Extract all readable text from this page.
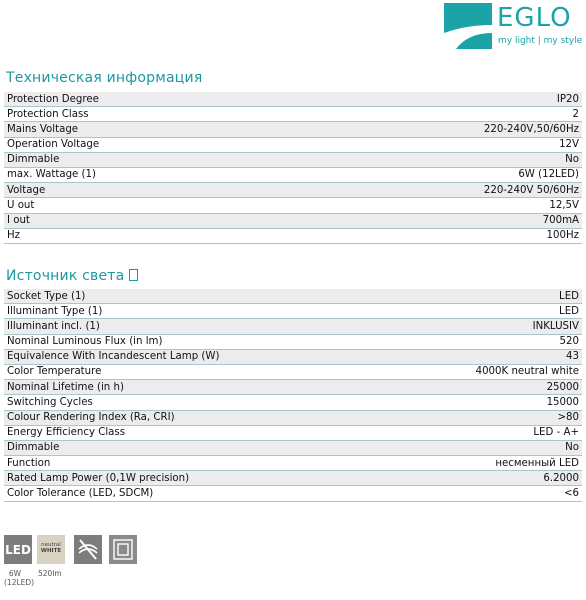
EGLO
my light | my style
Техническая информация
Protection Degree	IP20
Protection Class	2
Mains Voltage	220-240V,50/60Hz
Operation Voltage	12V
Dimmable	No
max. Wattage (1)	6W (12LED)
Voltage	220-240V 50/60Hz
U out	12,5V
I out	700mA
Hz	100Hz
Источник света
Socket Type (1)	LED
Illuminant Type (1)	LED
Illuminant incl. (1)	INKLUSIV
Nominal Luminous Flux (in lm)	520
Equivalence With Incandescent Lamp (W)	43
Color Temperature	4000K neutral white
Nominal Lifetime (in h)	25000
Switching Cycles	15000
Colour Rendering Index (Ra, CRI)	>80
Energy Efficiency Class	LED - A+
Dimmable	No
Function	несменный LED
Rated Lamp Power (0,1W precision)	6.2000
Color Tolerance (LED, SDCM)	<6
LED	neutral
WHITE
6W (12LED)
520lm
